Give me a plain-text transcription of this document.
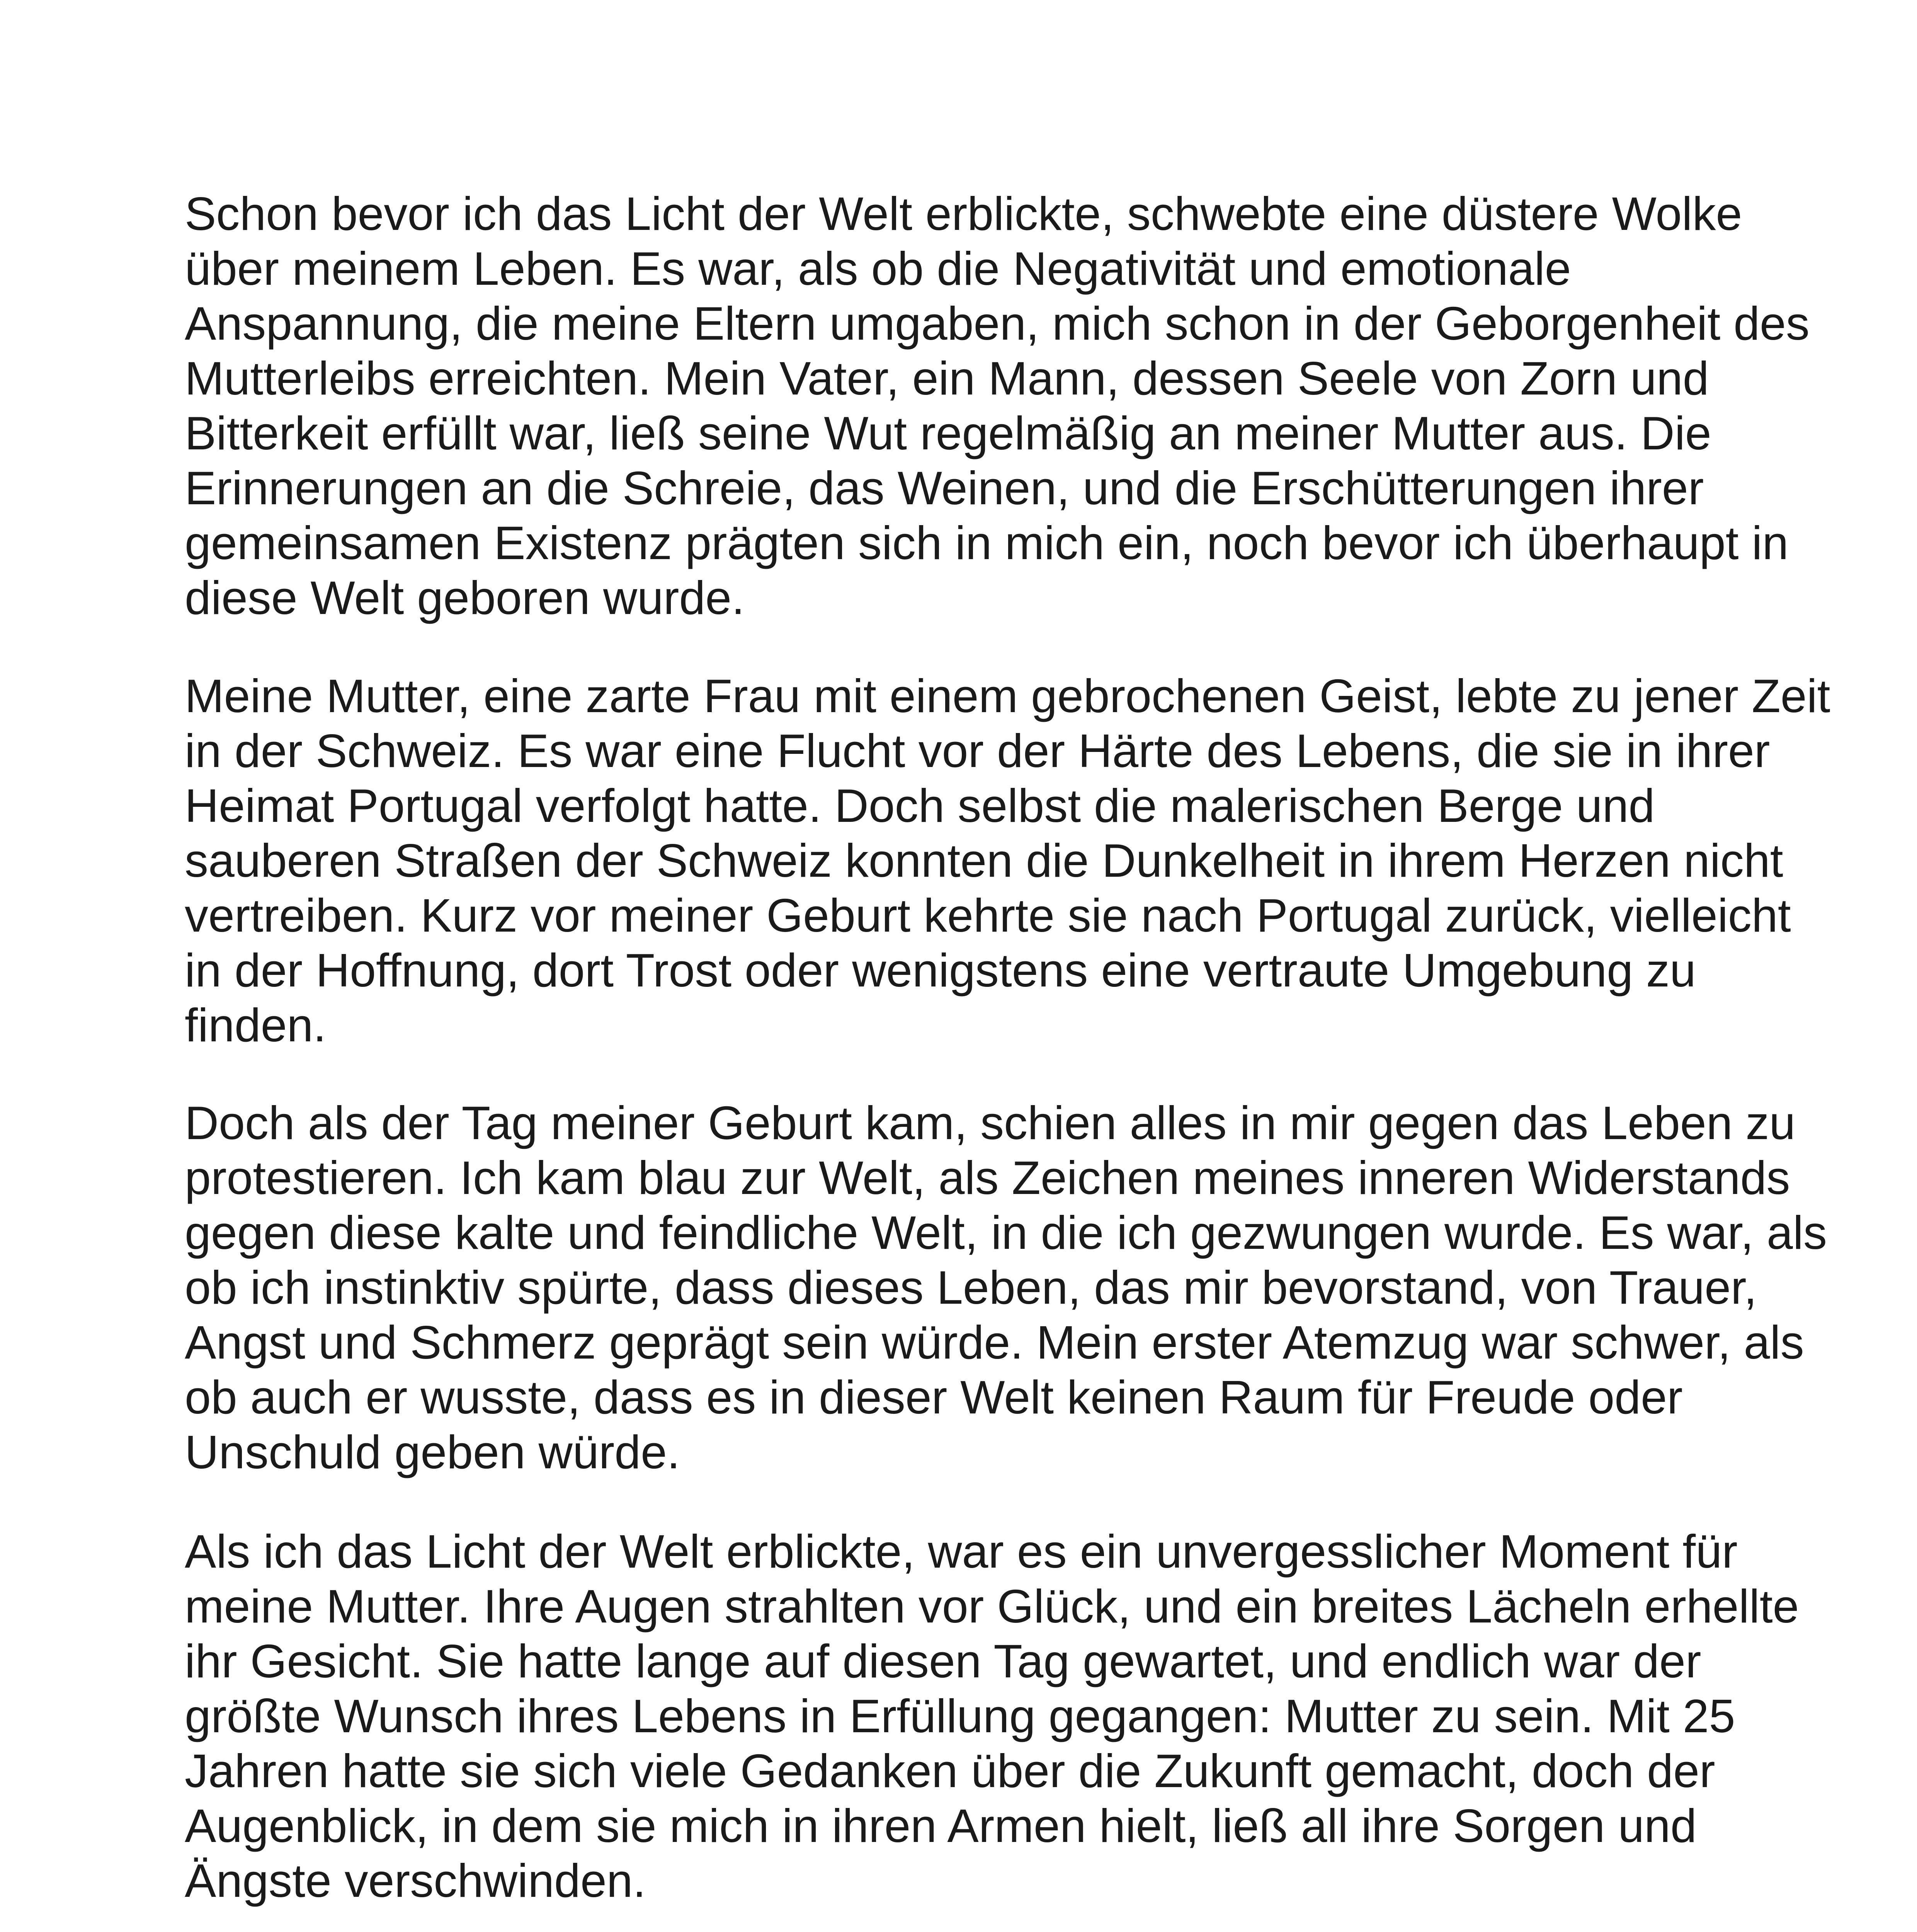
Schon bevor ich das Licht der Welt erblickte, schwebte eine düstere Wolke
über meinem Leben. Es war, als ob die Negativität und emotionale
Anspannung, die meine Eltern umgaben, mich schon in der Geborgenheit des
Mutterleibs erreichten. Mein Vater, ein Mann, dessen Seele von Zorn und
Bitterkeit erfüllt war, ließ seine Wut regelmäßig an meiner Mutter aus. Die
Erinnerungen an die Schreie, das Weinen, und die Erschütterungen ihrer
gemeinsamen Existenz prägten sich in mich ein, noch bevor ich überhaupt in
diese Welt geboren wurde.

Meine Mutter, eine zarte Frau mit einem gebrochenen Geist, lebte zu jener Zeit
in der Schweiz. Es war eine Flucht vor der Härte des Lebens, die sie in ihrer
Heimat Portugal verfolgt hatte. Doch selbst die malerischen Berge und
sauberen Straßen der Schweiz konnten die Dunkelheit in ihrem Herzen nicht
vertreiben. Kurz vor meiner Geburt kehrte sie nach Portugal zurück, vielleicht
in der Hoffnung, dort Trost oder wenigstens eine vertraute Umgebung zu
finden.

Doch als der Tag meiner Geburt kam, schien alles in mir gegen das Leben zu
protestieren. Ich kam blau zur Welt, als Zeichen meines inneren Widerstands
gegen diese kalte und feindliche Welt, in die ich gezwungen wurde. Es war, als
ob ich instinktiv spürte, dass dieses Leben, das mir bevorstand, von Trauer,
Angst und Schmerz geprägt sein würde. Mein erster Atemzug war schwer, als
ob auch er wusste, dass es in dieser Welt keinen Raum für Freude oder
Unschuld geben würde.

Als ich das Licht der Welt erblickte, war es ein unvergesslicher Moment für
meine Mutter. Ihre Augen strahlten vor Glück, und ein breites Lächeln erhellte
ihr Gesicht. Sie hatte lange auf diesen Tag gewartet, und endlich war der
größte Wunsch ihres Lebens in Erfüllung gegangen: Mutter zu sein. Mit 25
Jahren hatte sie sich viele Gedanken über die Zukunft gemacht, doch der
Augenblick, in dem sie mich in ihren Armen hielt, ließ all ihre Sorgen und
Ängste verschwinden.
